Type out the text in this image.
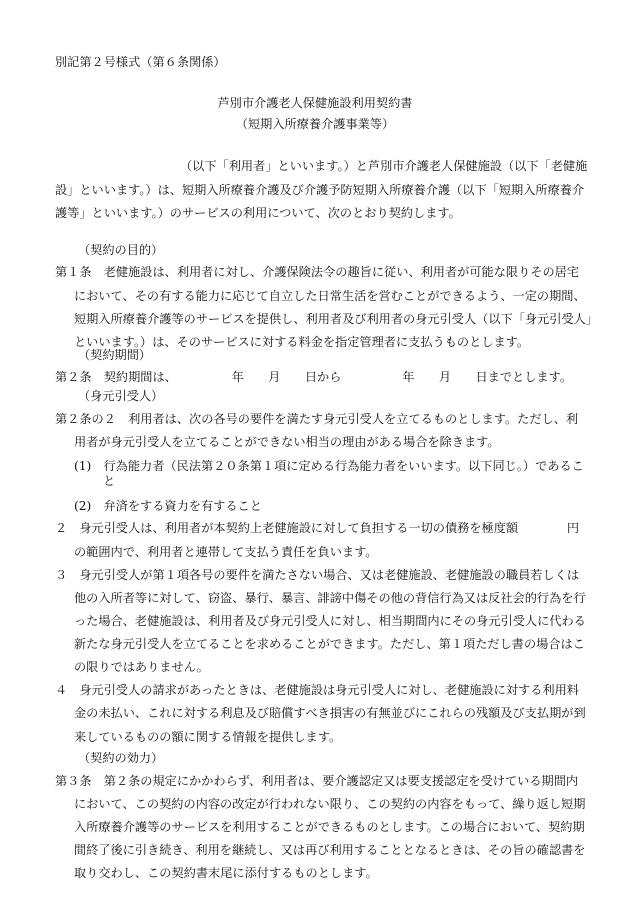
別記第２号様式（第６条関係）
芦別市介護老人保健施設利用契約書
（短期入所療養介護事業等）
（以下「利用者」といいます。）と芦別市介護老人保健施設（以下「老健施
設」といいます。）は、短期入所療養介護及び介護予防短期入所療養介護（以下「短期入所療養介
護等」といいます。）のサービスの利用について、次のとおり契約します。
（契約の目的）
第１条　老健施設は、利用者に対し、介護保険法令の趣旨に従い、利用者が可能な限りその居宅
において、その有する能力に応じて自立した日常生活を営むことができるよう、一定の期間、
短期入所療養介護等のサービスを提供し、利用者及び利用者の身元引受人（以下「身元引受人」
といいます。）は、そのサービスに対する料金を指定管理者に支払うものとします。
（契約期間）
第２条　契約期間は、　　　　　年　　月　　日から　　　　　年　　月　　日までとします。
（身元引受人）
第２条の２　利用者は、次の各号の要件を満たす身元引受人を立てるものとします。ただし、利
用者が身元引受人を立てることができない相当の理由がある場合を除きます。
(1)　行為能力者（民法第２０条第１項に定める行為能力者をいいます。以下同じ。）であるこ
と
(2)　弁済をする資力を有すること
２　身元引受人は、利用者が本契約上老健施設に対して負担する一切の債務を極度額　　　　円
の範囲内で、利用者と連帯して支払う責任を負います。
３　身元引受人が第１項各号の要件を満たさない場合、又は老健施設、老健施設の職員若しくは
他の入所者等に対して、窃盗、暴行、暴言、誹謗中傷その他の背信行為又は反社会的行為を行
った場合、老健施設は、利用者及び身元引受人に対し、相当期間内にその身元引受人に代わる
新たな身元引受人を立てることを求めることができます。ただし、第１項ただし書の場合はこ
の限りではありません。
４　身元引受人の請求があったときは、老健施設は身元引受人に対し、老健施設に対する利用料
金の未払い、これに対する利息及び賠償すべき損害の有無並びにこれらの残額及び支払期が到
来しているものの額に関する情報を提供します。
（契約の効力）
第３条　第２条の規定にかかわらず、利用者は、要介護認定又は要支援認定を受けている期間内
において、この契約の内容の改定が行われない限り、この契約の内容をもって、繰り返し短期
入所療養介護等のサービスを利用することができるものとします。この場合において、契約期
間終了後に引き続き、利用を継続し、又は再び利用することとなるときは、その旨の確認書を
取り交わし、この契約書末尾に添付するものとします。
